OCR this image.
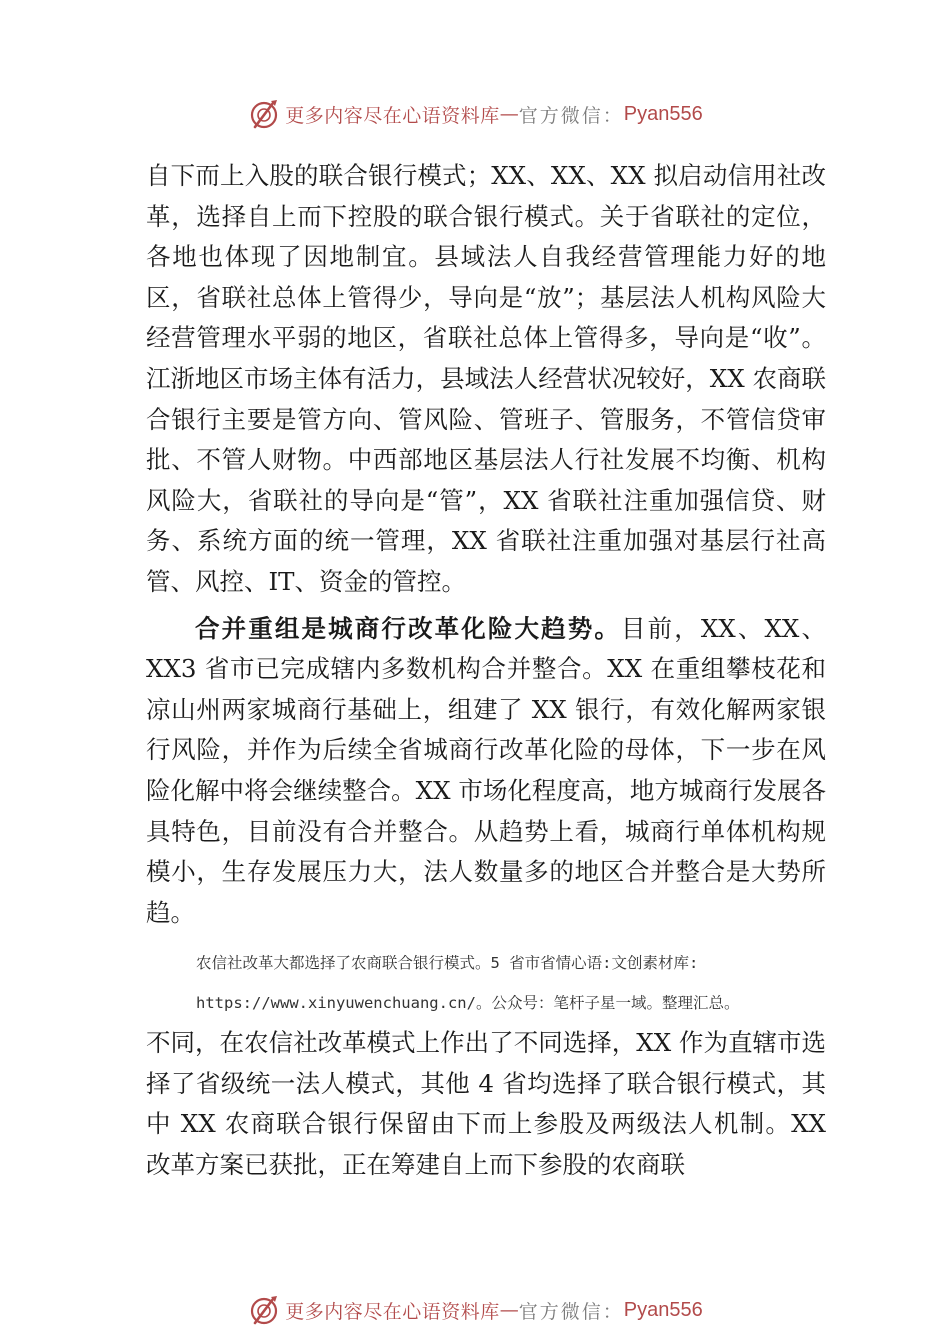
更多内容尽在心语资料库 — 官方微信： Pyan556

自下而上入股的联合银行模式；XX、XX、XX 拟启动信用社改革，选择自上而下控股的联合银行模式。关于省联社的定位，各地也体现了因地制宜。县域法人自我经营管理能力好的地区，省联社总体上管得少，导向是“放”；基层法人机构风险大经营管理水平弱的地区，省联社总体上管得多，导向是“收”。江浙地区市场主体有活力，县域法人经营状况较好，XX 农商联合银行主要是管方向、管风险、管班子、管服务，不管信贷审批、不管人财物。中西部地区基层法人行社发展不均衡、机构风险大，省联社的导向是“管”，XX 省联社注重加强信贷、财务、系统方面的统一管理，XX 省联社注重加强对基层行社高管、风控、IT、资金的管控。

合并重组是城商行改革化险大趋势。目前，XX、XX、XX3 省市已完成辖内多数机构合并整合。XX 在重组攀枝花和凉山州两家城商行基础上，组建了 XX 银行，有效化解两家银行风险，并作为后续全省城商行改革化险的母体，下一步在风险化解中将会继续整合。XX 市场化程度高，地方城商行发展各具特色，目前没有合并整合。从趋势上看，城商行单体机构规模小，生存发展压力大，法人数量多的地区合并整合是大势所趋。

农信社改革大都选择了农商联合银行模式。5 省市省情心语:文创素材库:

https://www.xinyuwenchuang.cn/。公众号：笔杆子星一域。整理汇总。

不同，在农信社改革模式上作出了不同选择，XX 作为直辖市选择了省级统一法人模式，其他 4 省均选择了联合银行模式，其中 XX 农商联合银行保留由下而上参股及两级法人机制。XX 改革方案已获批，正在筹建自上而下参股的农商联

更多内容尽在心语资料库 — 官方微信： Pyan556
